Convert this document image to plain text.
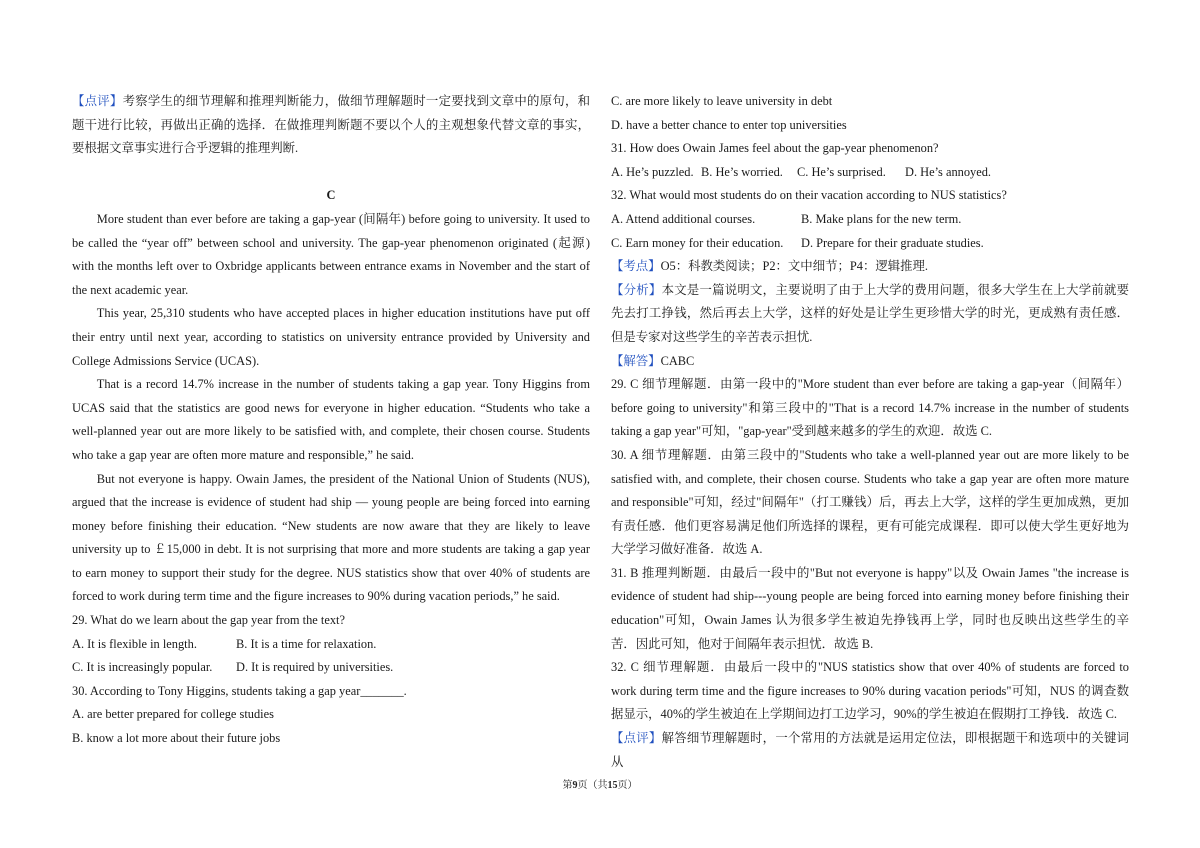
【点评】考察学生的细节理解和推理判断能力，做细节理解题时一定要找到文章中的原句，和题干进行比较，再做出正确的选择．在做推理判断题不要以个人的主观想象代替文章的事实，要根据文章事实进行合乎逻辑的推理判断.

C

More student than ever before are taking a gap-year (间隔年) before going to university. It used to be called the “year off” between school and university. The gap-year phenomenon originated (起源) with the months left over to Oxbridge applicants between entrance exams in November and the start of the next academic year.

This year, 25,310 students who have accepted places in higher education institutions have put off their entry until next year, according to statistics on university entrance provided by University and College Admissions Service (UCAS).

That is a record 14.7% increase in the number of students taking a gap year. Tony Higgins from UCAS said that the statistics are good news for everyone in higher education. “Students who take a well-planned year out are more likely to be satisfied with, and complete, their chosen course. Students who take a gap year are often more mature and responsible,” he said.

But not everyone is happy. Owain James, the president of the National Union of Students (NUS), argued that the increase is evidence of student had ship — young people are being forced into earning money before finishing their education. “New students are now aware that they are likely to leave university up to ￡15,000 in debt. It is not surprising that more and more students are taking a gap year to earn money to support their study for the degree. NUS statistics show that over 40% of students are forced to work during term time and the figure increases to 90% during vacation periods,” he said.

29. What do we learn about the gap year from the text?

A. It is flexible in length.	B. It is a time for relaxation.

C. It is increasingly popular. D. It is required by universities.

30. According to Tony Higgins, students taking a gap year_______.

A. are better prepared for college studies

B. know a lot more about their future jobs

C. are more likely to leave university in debt

D. have a better chance to enter top universities

31. How does Owain James feel about the gap-year phenomenon?

A. He’s puzzled. B. He’s worried. C. He’s surprised. D. He’s annoyed.

32. What would most students do on their vacation according to NUS statistics?

A. Attend additional courses.	B. Make plans for the new term.

C. Earn money for their education. D. Prepare for their graduate studies.

【考点】O5：科教类阅读；P2：文中细节；P4：逻辑推理.

【分析】本文是一篇说明文，主要说明了由于上大学的费用问题，很多大学生在上大学前就要先去打工挣钱，然后再去上大学，这样的好处是让学生更珍惜大学的时光，更成熟有责任感．但是专家对这些学生的辛苦表示担忧.

【解答】CABC

29. C 细节理解题．由第一段中的"More student than ever before are taking a gap-year（间隔年）before going to university"和第三段中的"That is a record 14.7% increase in the number of students taking a gap year"可知，"gap-year"受到越来越多的学生的欢迎．故选 C.

30. A 细节理解题．由第三段中的"Students who take a well-planned year out are more likely to be satisfied with, and complete, their chosen course. Students who take a gap year are often more mature and responsible"可知，经过"间隔年"（打工赚钱）后，再去上大学，这样的学生更加成熟，更加有责任感．他们更容易满足他们所选择的课程，更有可能完成课程．即可以使大学生更好地为大学学习做好准备．故选 A.

31. B 推理判断题．由最后一段中的"But not everyone is happy"以及 Owain James "the increase is evidence of student had ship---young people are being forced into earning money before finishing their education"可知，Owain James 认为很多学生被迫先挣钱再上学，同时也反映出这些学生的辛苦．因此可知，他对于间隔年表示担忧．故选 B.

32. C 细节理解题．由最后一段中的"NUS statistics show that over 40% of students are forced to work during term time and the figure increases to 90% during vacation periods"可知，NUS 的调查数据显示，40%的学生被迫在上学期间边打工边学习，90%的学生被迫在假期打工挣钱．故选 C.

【点评】解答细节理解题时，一个常用的方法就是运用定位法，即根据题干和选项中的关键词从

第9页（共15页）
